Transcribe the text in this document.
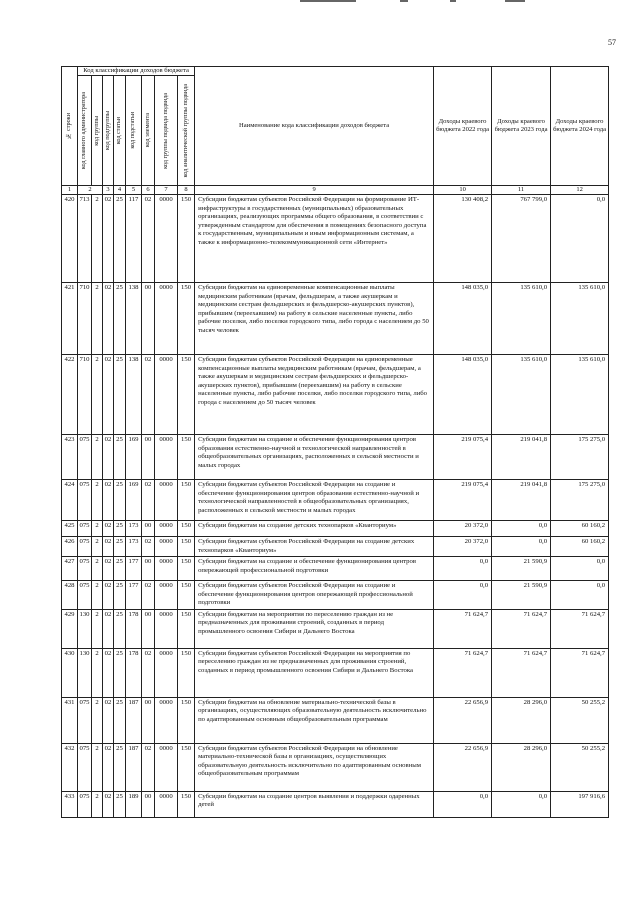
57
№ строки	Код классификации доходов бюджета								Наименование кода классификации доходов бюджета	Доходы краевого бюджета 2022 года	Доходы краевого бюджета 2023 года	Доходы краевого бюджета 2024 года

	код главного администратора	код группы	код подгруппы	код статьи	код подстатьи	код элемента	код группы подвида подвида	код аналитической группы подвида				

1	2		3	4	5	6	7	8	9	10	11	12
420	713	2	02	25	117	02	0000	150	Субсидии бюджетам субъектов Российской Федерации на формирование ИТ-инфраструктуры в государственных (муниципальных) образовательных организациях, реализующих программы общего образования, в соответствии с утвержденным стандартом для обеспечения в помещениях безопасного доступа к государственным, муниципальным и иным информационным системам, а также к информационно-телекоммуникационной сети «Интернет»	130 408,2	767 799,0	0,0
421	710	2	02	25	138	00	0000	150	Субсидии бюджетам на единовременные компенсационные выплаты медицинским работникам (врачам, фельдшерам, а также акушеркам и медицинским сестрам фельдшерских и фельдшерско-акушерских пунктов), прибывшим (переехавшим) на работу в сельские населенные пункты, либо рабочие поселки, либо поселки городского типа, либо города с населением до 50 тысяч человек	148 035,0	135 610,0	135 610,0
422	710	2	02	25	138	02	0000	150	Субсидии бюджетам субъектов Российской Федерации на единовременные компенсационные выплаты медицинским работникам (врачам, фельдшерам, а также акушеркам и медицинским сестрам фельдшерских и фельдшерско-акушерских пунктов), прибывшим (переехавшим) на работу в сельские населенные пункты, либо рабочие поселки, либо поселки городского типа, либо города с населением до 50 тысяч человек	148 035,0	135 610,0	135 610,0
423	075	2	02	25	169	00	0000	150	Субсидии бюджетам на создание и обеспечение функционирования центров образования естественно-научной и технологической направленностей в общеобразовательных организациях, расположенных в сельской местности и малых городах	219 075,4	219 041,8	175 275,0
424	075	2	02	25	169	02	0000	150	Субсидии бюджетам субъектов Российской Федерации на создание и обеспечение функционирования центров образования естественно-научной и технологической направленностей в общеобразовательных организациях, расположенных в сельской местности и малых городах	219 075,4	219 041,8	175 275,0
425	075	2	02	25	173	00	0000	150	Субсидии бюджетам на создание детских технопарков «Кванториум»	20 372,0	0,0	60 160,2
426	075	2	02	25	173	02	0000	150	Субсидии бюджетам субъектов Российской Федерации на создание детских технопарков «Кванториум»	20 372,0	0,0	60 160,2
427	075	2	02	25	177	00	0000	150	Субсидии бюджетам на создание и обеспечение функционирования центров опережающей профессиональной подготовки	0,0	21 590,9	0,0
428	075	2	02	25	177	02	0000	150	Субсидии бюджетам субъектов Российской Федерации на создание и обеспечение функционирования центров опережающей профессиональной подготовки	0,0	21 590,9	0,0
429	130	2	02	25	178	00	0000	150	Субсидии бюджетам на мероприятия по переселению граждан из не предназначенных для проживания строений, созданных в период промышленного освоения Сибири и Дальнего Востока	71 624,7	71 624,7	71 624,7
430	130	2	02	25	178	02	0000	150	Субсидии бюджетам субъектов Российской Федерации на мероприятия по переселению граждан из не предназначенных для проживания строений, созданных в период промышленного освоения Сибири и Дальнего Востока	71 624,7	71 624,7	71 624,7
431	075	2	02	25	187	00	0000	150	Субсидии бюджетам на обновление материально-технической базы в организациях, осуществляющих образовательную деятельность исключительно по адаптированным основным общеобразовательным программам	22 656,9	28 296,0	50 255,2
432	075	2	02	25	187	02	0000	150	Субсидии бюджетам субъектов Российской Федерации на обновление материально-технической базы в организациях, осуществляющих образовательную деятельность исключительно по адаптированным основным общеобразовательным программам	22 656,9	28 296,0	50 255,2
433	075	2	02	25	189	00	0000	150	Субсидии бюджетам на создание центров выявления и поддержки одаренных детей	0,0	0,0	197 916,6
